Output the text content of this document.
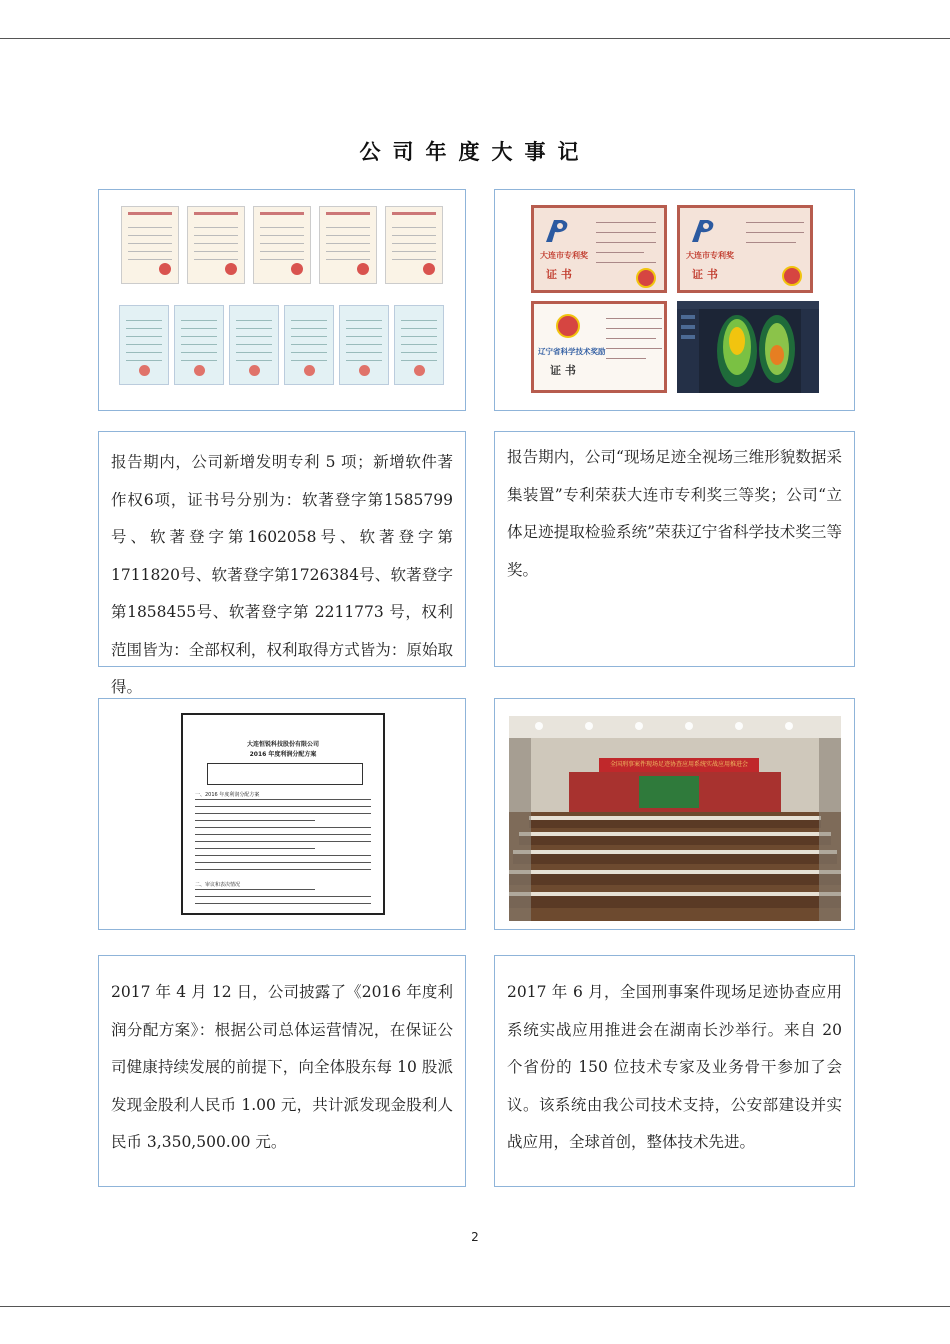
公司年度大事记
大连市专利奖
证 书
大连市专利奖
证 书
辽宁省科学技术奖励
证 书

报告期内，公司新增发明专利 5 项；新增软件著作权6项，证书号分别为：软著登字第1585799号、软著登字第1602058号、软著登字第1711820号、软著登字第1726384号、软著登字第1858455号、软著登字第 2211773 号，权利范围皆为：全部权利，权利取得方式皆为：原始取得。

报告期内，公司“现场足迹全视场三维形貌数据采集装置”专利荣获大连市专利奖三等奖；公司“立体足迹提取检验系统”荣获辽宁省科学技术奖三等奖。

大连恒锐科技股份有限公司
2016 年度利润分配方案
一、2016 年度利润分配方案
二、审议和表决情况
全国刑事案件现场足迹协查应用系统实战应用推进会

2017 年 4 月 12 日，公司披露了《2016 年度利润分配方案》：根据公司总体运营情况，在保证公司健康持续发展的前提下，向全体股东每 10 股派发现金股利人民币 1.00 元，共计派发现金股利人民币 3,350,500.00 元。

2017 年 6 月，全国刑事案件现场足迹协查应用系统实战应用推进会在湖南长沙举行。来自 20 个省份的 150 位技术专家及业务骨干参加了会议。该系统由我公司技术支持，公安部建设并实战应用，全球首创，整体技术先进。

2
